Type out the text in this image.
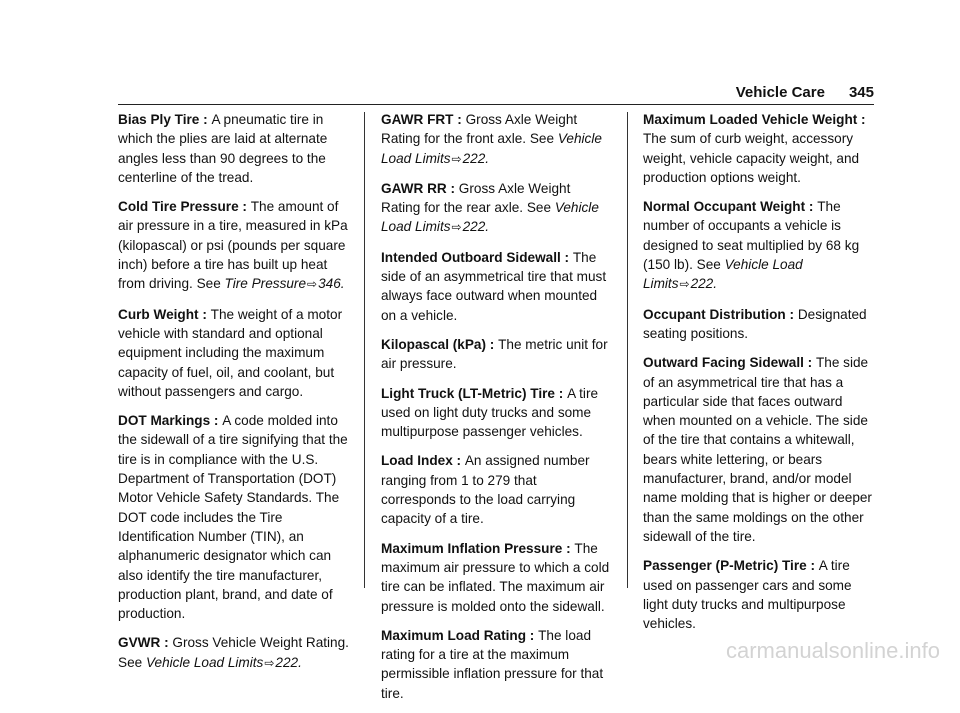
Vehicle Care 345
Bias Ply Tire : A pneumatic tire in which the plies are laid at alternate angles less than 90 degrees to the centerline of the tread.
Cold Tire Pressure : The amount of air pressure in a tire, measured in kPa (kilopascal) or psi (pounds per square inch) before a tire has built up heat from driving. See Tire Pressure⇨346.
Curb Weight : The weight of a motor vehicle with standard and optional equipment including the maximum capacity of fuel, oil, and coolant, but without passengers and cargo.
DOT Markings : A code molded into the sidewall of a tire signifying that the tire is in compliance with the U.S. Department of Transportation (DOT) Motor Vehicle Safety Standards. The DOT code includes the Tire Identification Number (TIN), an alphanumeric designator which can also identify the tire manufacturer, production plant, brand, and date of production.
GVWR : Gross Vehicle Weight Rating. See Vehicle Load Limits⇨222.
GAWR FRT : Gross Axle Weight Rating for the front axle. See Vehicle Load Limits⇨222.
GAWR RR : Gross Axle Weight Rating for the rear axle. See Vehicle Load Limits⇨222.
Intended Outboard Sidewall : The side of an asymmetrical tire that must always face outward when mounted on a vehicle.
Kilopascal (kPa) : The metric unit for air pressure.
Light Truck (LT-Metric) Tire : A tire used on light duty trucks and some multipurpose passenger vehicles.
Load Index : An assigned number ranging from 1 to 279 that corresponds to the load carrying capacity of a tire.
Maximum Inflation Pressure : The maximum air pressure to which a cold tire can be inflated. The maximum air pressure is molded onto the sidewall.
Maximum Load Rating : The load rating for a tire at the maximum permissible inflation pressure for that tire.
Maximum Loaded Vehicle Weight : The sum of curb weight, accessory weight, vehicle capacity weight, and production options weight.
Normal Occupant Weight : The number of occupants a vehicle is designed to seat multiplied by 68 kg (150 lb). See Vehicle Load Limits⇨222.
Occupant Distribution : Designated seating positions.
Outward Facing Sidewall : The side of an asymmetrical tire that has a particular side that faces outward when mounted on a vehicle. The side of the tire that contains a whitewall, bears white lettering, or bears manufacturer, brand, and/or model name molding that is higher or deeper than the same moldings on the other sidewall of the tire.
Passenger (P-Metric) Tire : A tire used on passenger cars and some light duty trucks and multipurpose vehicles.
carmanualsonline.info
